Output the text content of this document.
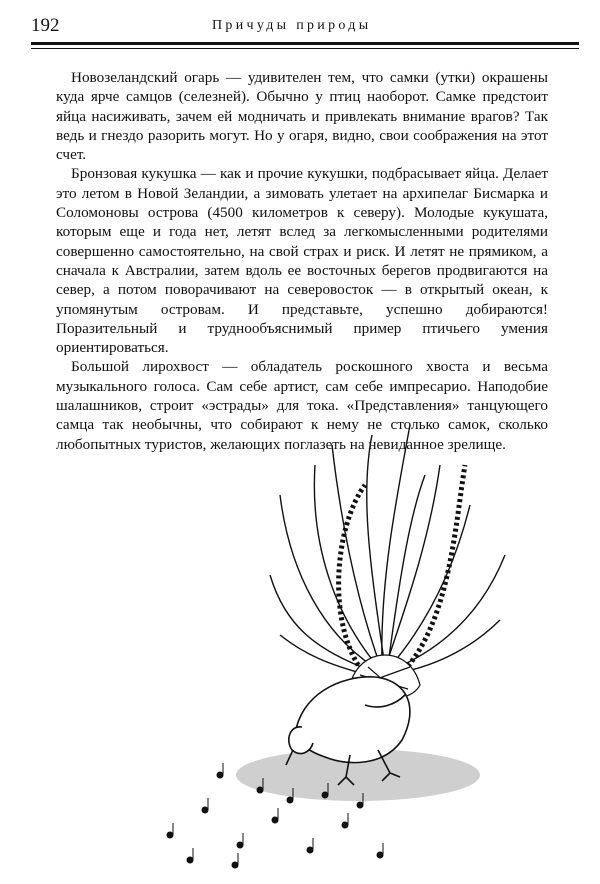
192	Причуды природы

Новозеландский огарь — удивителен тем, что самки (утки) окрашены куда ярче самцов (селезней). Обычно у птиц наоборот. Самке предстоит яйца насиживать, зачем ей модничать и привлекать внимание врагов? Так ведь и гнездо разорить могут. Но у огаря, видно, свои соображения на этот счет.

Бронзовая кукушка — как и прочие кукушки, подбрасывает яйца. Делает это летом в Новой Зеландии, а зимовать улетает на архипелаг Бисмарка и Соломоновы острова (4500 километров к северу). Молодые кукушата, которым еще и года нет, летят вслед за легкомысленными родителями совершенно самостоятельно, на свой страх и риск. И летят не прямиком, а сначала к Австралии, затем вдоль ее восточных берегов продвигаются на север, а потом поворачивают на северовосток — в открытый океан, к упомянутым островам. И представьте, успешно добираются! Поразительный и труднообъяснимый пример птичьего умения ориентироваться.

Большой лирохвост — обладатель роскошного хвоста и весьма музыкального голоса. Сам себе артист, сам себе импресарио. Наподобие шалашников, строит «эстрады» для тока. «Представления» танцующего самца так необычны, что собирают к нему не столько самок, сколько любопытных туристов, желающих поглазеть на невиданное зрелище.
